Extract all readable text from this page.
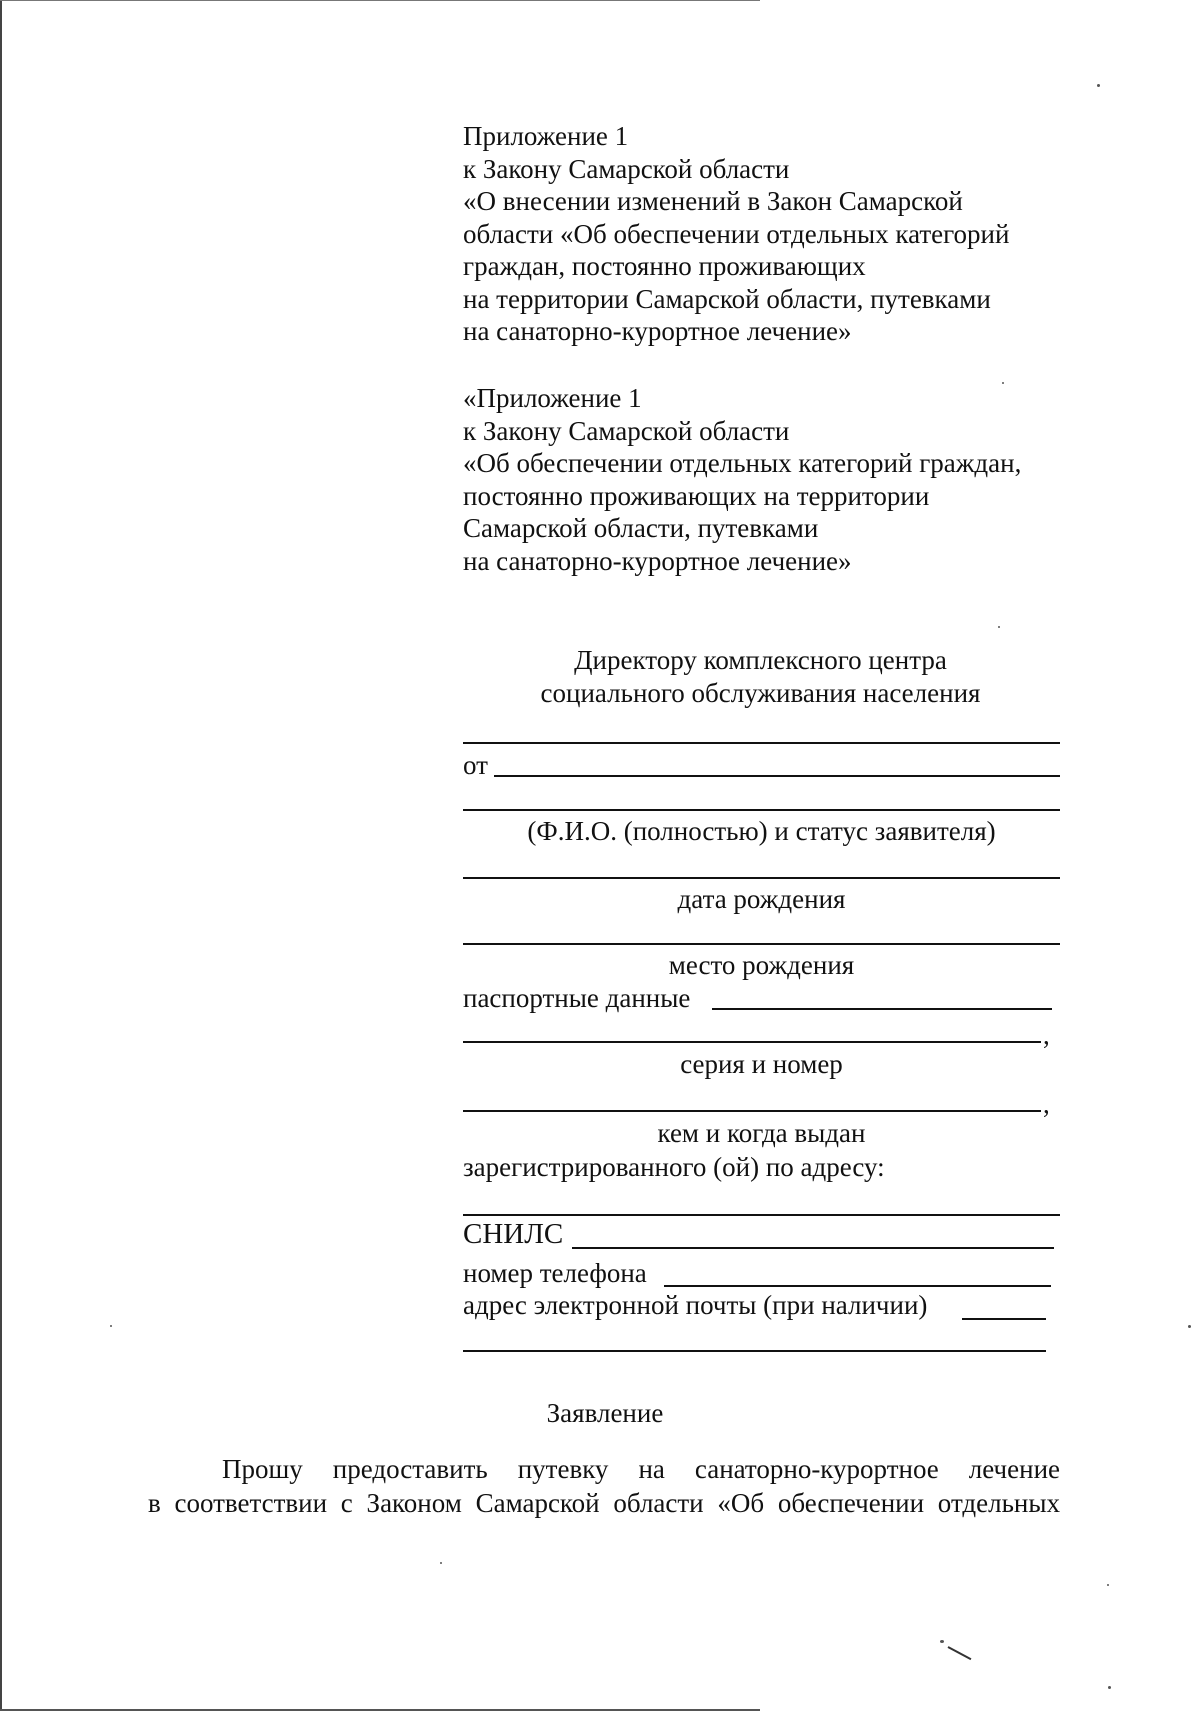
Приложение 1
к Закону Самарской области
«О внесении изменений в Закон Самарской
области «Об обеспечении отдельных категорий
граждан, постоянно проживающих
на территории Самарской области, путевками
на санаторно-курортное лечение»
«Приложение 1
к Закону Самарской области
«Об обеспечении отдельных категорий граждан,
постоянно проживающих на территории
Самарской области, путевками
на санаторно-курортное лечение»
Директору комплексного центра
социального обслуживания населения
от
(Ф.И.О. (полностью) и статус заявителя)
дата рождения
место рождения
паспортные данные
,
серия и номер
,
кем и когда выдан
зарегистрированного (ой) по адресу:
СНИЛС
номер телефона
адрес электронной почты (при наличии)
Заявление
Прошу предоставить путевку на санаторно-курортное лечение
в соответствии с Законом Самарской области «Об обеспечении отдельных
